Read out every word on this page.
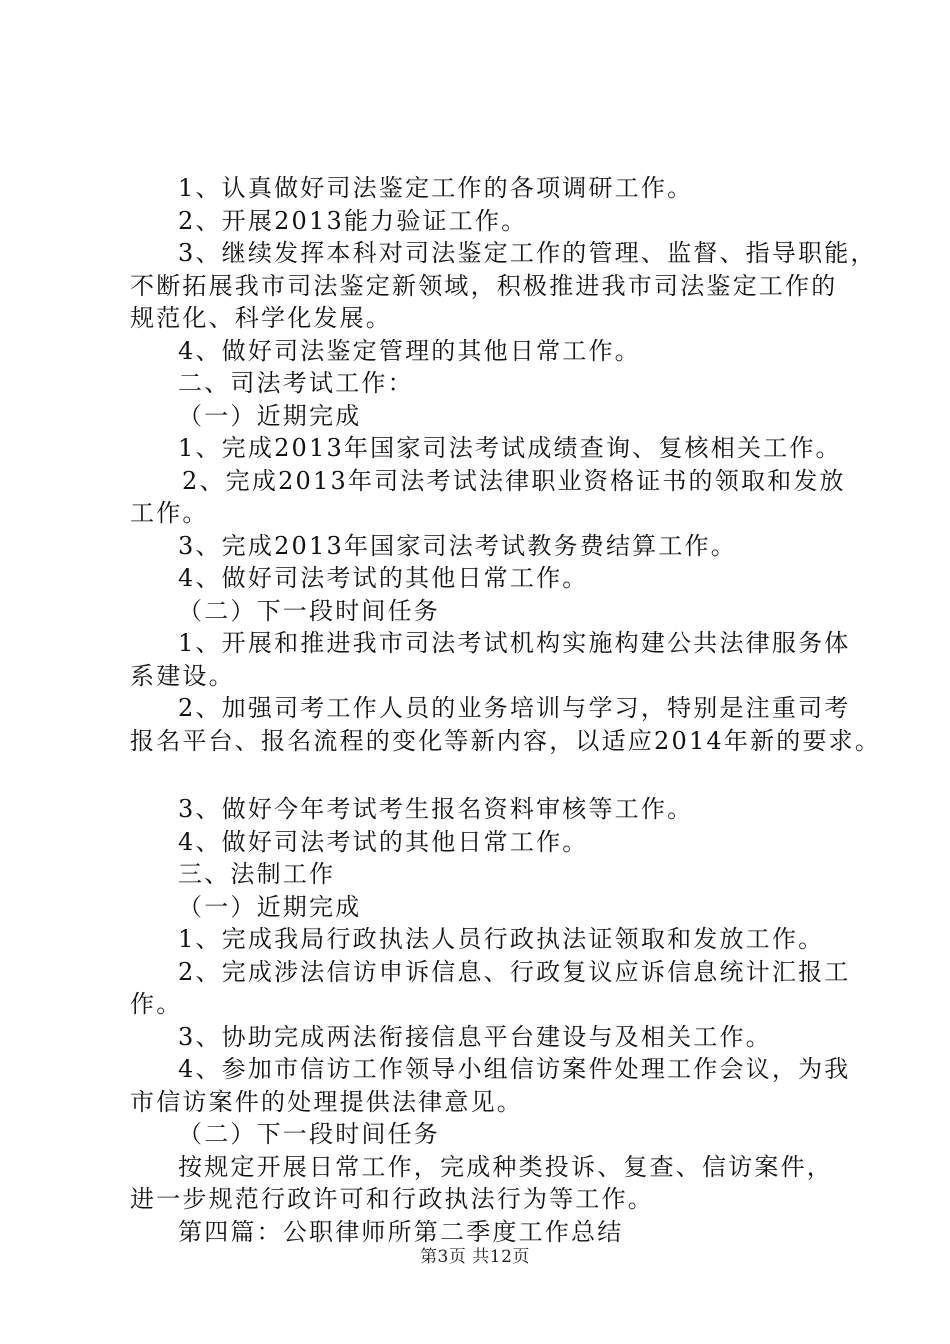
1、认真做好司法鉴定工作的各项调研工作。
2、开展2013能力验证工作。
3、继续发挥本科对司法鉴定工作的管理、监督、指导职能，
不断拓展我市司法鉴定新领域，积极推进我市司法鉴定工作的
规范化、科学化发展。
4、做好司法鉴定管理的其他日常工作。
二、司法考试工作：
（一）近期完成
1、完成2013年国家司法考试成绩查询、复核相关工作。
2、完成2013年司法考试法律职业资格证书的领取和发放
工作。
3、完成2013年国家司法考试教务费结算工作。
4、做好司法考试的其他日常工作。
（二）下一段时间任务
1、开展和推进我市司法考试机构实施构建公共法律服务体
系建设。
2、加强司考工作人员的业务培训与学习，特别是注重司考
报名平台、报名流程的变化等新内容，以适应2014年新的要求。
3、做好今年考试考生报名资料审核等工作。
4、做好司法考试的其他日常工作。
三、法制工作
（一）近期完成
1、完成我局行政执法人员行政执法证领取和发放工作。
2、完成涉法信访申诉信息、行政复议应诉信息统计汇报工
作。
3、协助完成两法衔接信息平台建设与及相关工作。
4、参加市信访工作领导小组信访案件处理工作会议，为我
市信访案件的处理提供法律意见。
（二）下一段时间任务
按规定开展日常工作，完成种类投诉、复查、信访案件，
进一步规范行政许可和行政执法行为等工作。
第四篇：公职律师所第二季度工作总结
第3页 共12页
